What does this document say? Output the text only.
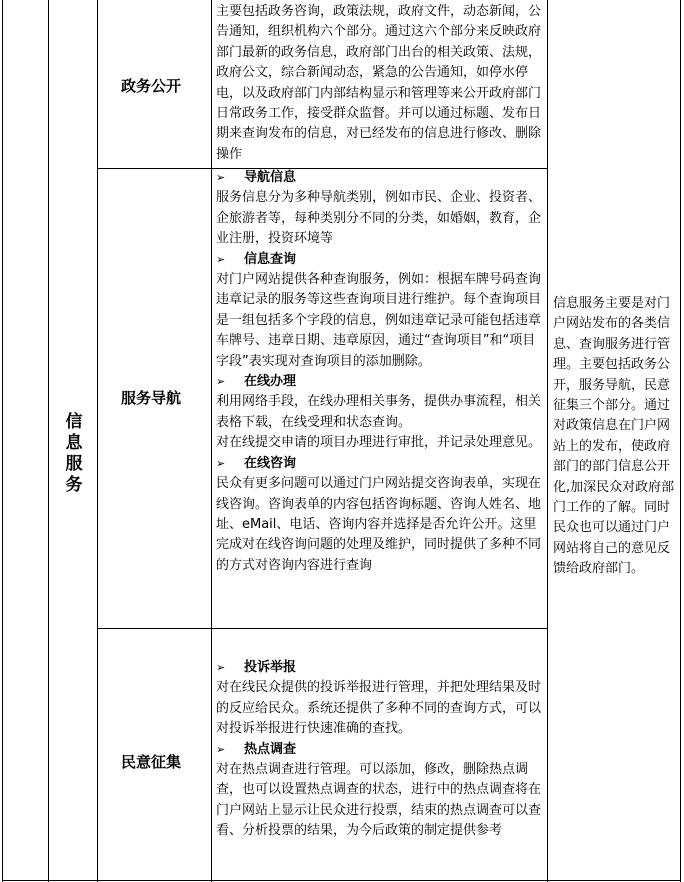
信息服务
政务公开
服务导航
民意征集

主要包括政务咨询，政策法规，政府文件，动态新闻，公告通知，组织机构六个部分。通过这六个部分来反映政府部门最新的政务信息，政府部门出台的相关政策、法规，政府公文，综合新闻动态，紧急的公告通知，如停水停电，以及政府部门内部结构显示和管理等来公开政府部门日常政务工作，接受群众监督。并可以通过标题、发布日期来查询发布的信息，对已经发布的信息进行修改、删除操作

➢ 导航信息

服务信息分为多种导航类别，例如市民、企业、投资者、企旅游者等，每种类别分不同的分类，如婚姻，教育，企业注册，投资环境等

➢ 信息查询

对门户网站提供各种查询服务，例如：根据车牌号码查询违章记录的服务等这些查询项目进行维护。每个查询项目是一组包括多个字段的信息，例如违章记录可能包括违章车牌号、违章日期、违章原因，通过“查询项目”和“项目字段”表实现对查询项目的添加删除。

➢ 在线办理

利用网络手段，在线办理相关事务，提供办事流程，相关表格下载，在线受理和状态查询。

对在线提交申请的项目办理进行审批，并记录处理意见。

➢ 在线咨询

民众有更多问题可以通过门户网站提交咨询表单，实现在线咨询。咨询表单的内容包括咨询标题、咨询人姓名、地址、eMail、电话、咨询内容并选择是否允许公开。这里完成对在线咨询问题的处理及维护，同时提供了多种不同的方式对咨询内容进行查询

➢ 投诉举报

对在线民众提供的投诉举报进行管理，并把处理结果及时的反应给民众。系统还提供了多种不同的查询方式，可以对投诉举报进行快速准确的查找。

➢ 热点调查

对在热点调查进行管理。可以添加，修改，删除热点调查，也可以设置热点调查的状态，进行中的热点调查将在门户网站上显示让民众进行投票，结束的热点调查可以查看、分析投票的结果，为今后政策的制定提供参考

信息服务主要是对门户网站发布的各类信息、查询服务进行管理。主要包括政务公开，服务导航，民意征集三个部分。通过对政策信息在门户网站上的发布，使政府部门的部门信息公开化,加深民众对政府部门工作的了解。同时民众也可以通过门户网站将自己的意见反馈给政府部门。
